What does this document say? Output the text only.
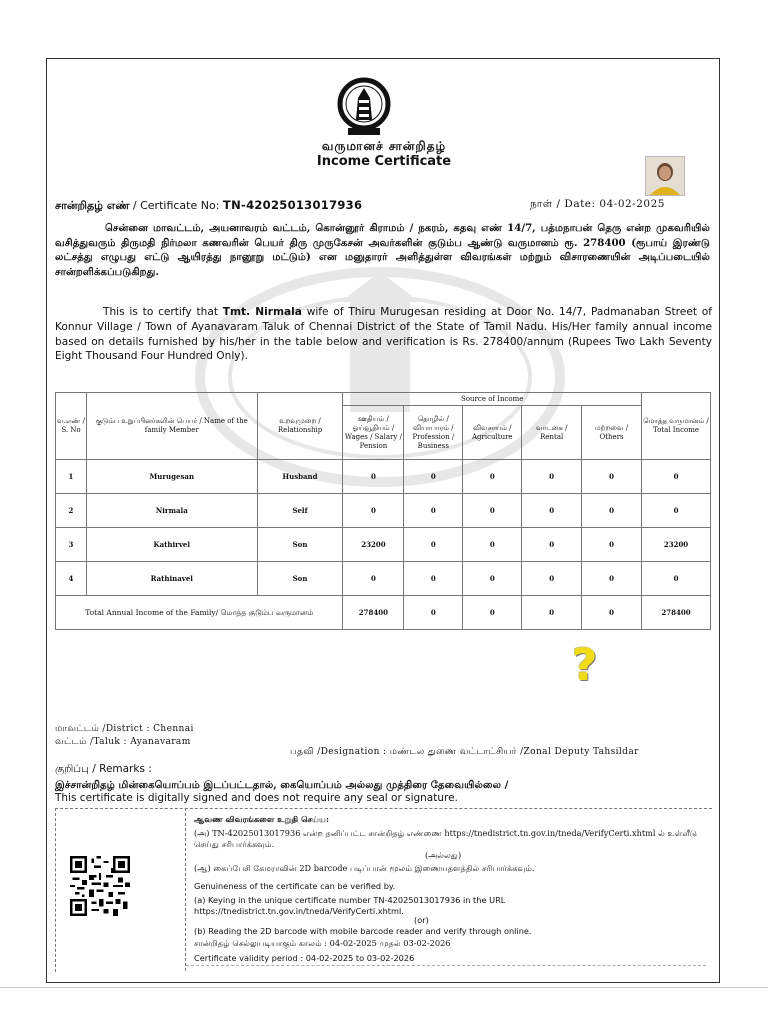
வருமானச் சான்றிதழ்
Income Certificate
சான்றிதழ் எண் / Certificate No: TN-42025013017936	நாள் / Date: 04-02-2025
சென்னை மாவட்டம், அயனாவரம் வட்டம், கொன்னூர் கிராமம் / நகரம், கதவு எண் 14/7, பத்மநாபன் தெரு என்ற முகவரியில் வசித்துவரும் திருமதி நிர்மலா கணவரின் பெயர் திரு முருகேசன் அவர்களின் குடும்ப ஆண்டு வருமானம் ரூ. 278400 (ரூபாய் இரண்டு லட்சத்து எழுபது எட்டு ஆயிரத்து நானூறு மட்டும்) என மனுதாரர் அளித்துள்ள விவரங்கள் மற்றும் விசாரணையின் அடிப்படையில் சான்றளிக்கப்படுகிறது.
This is to certify that Tmt. Nirmala wife of Thiru Murugesan residing at Door No. 14/7, Padmanaban Street of Konnur Village / Town of Ayanavaram Taluk of Chennai District of the State of Tamil Nadu. His/Her family annual income based on details furnished by his/her in the table below and verification is Rs. 278400/annum (Rupees Two Lakh Seventy Eight Thousand Four Hundred Only).
வ.எண் / S. No	குடும்ப உறுப்பினர்களின் பெயர் / Name of the family Member	உறவுமுறை / Relationship	Source of Income					மொத்த வருமானம் / Total Income
			ஊதியம் / ஓய்வூதியம் / Wages / Salary / Pension	தொழில் / வியாபாரம் / Profession / Business	விவசாயம் / Agriculture	வாடகை / Rental	மற்றவை / Others	
1	Murugesan	Husband	0	0	0	0	0	0
2	Nirmala	Self	0	0	0	0	0	0
3	Kathirvel	Son	23200	0	0	0	0	23200
4	Rathinavel	Son	0	0	0	0	0	0
Total Annual Income of the Family/ மொத்த குடும்ப வருமானம்			278400	0	0	0	0	278400
?
மாவட்டம் /District : Chennai
வட்டம் /Taluk : Ayanavaram
பதவி /Designation : மண்டல துணை வட்டாட்சியர் /Zonal Deputy Tahsildar
குறிப்பு / Remarks :
இச்சான்றிதழ் மின்கையொப்பம் இடப்பட்டதால், கையொப்பம் அல்லது முத்திரை தேவையில்லை /
This certificate is digitally signed and does not require any seal or signature.
ஆவண விவரங்களை உறுதி செய்ய:
(அ) TN-42025013017936 என்ற தனிப்பட்ட சான்றிதழ் எண்ணை https://tnedistrict.tn.gov.in/tneda/VerifyCerti.xhtml ல் உள்ளீடு செய்து சரிபார்க்கவும்.
(அல்லது)
(ஆ) கைப்பேசி கேமராவின் 2D barcode படிப்பான் மூலம் இணையதளத்தில் சரிபார்க்கவும்.
Genuineness of the certificate can be verified by.
(a) Keying in the unique certificate number TN-42025013017936 in the URL https://tnedistrict.tn.gov.in/tneda/VerifyCerti.xhtml.
(or)
(b) Reading the 2D barcode with mobile barcode reader and verify through online.
சான்றிதழ் செல்லுபடியாகும் காலம் : 04-02-2025 முதல் 03-02-2026
Certificate validity period : 04-02-2025 to 03-02-2026
